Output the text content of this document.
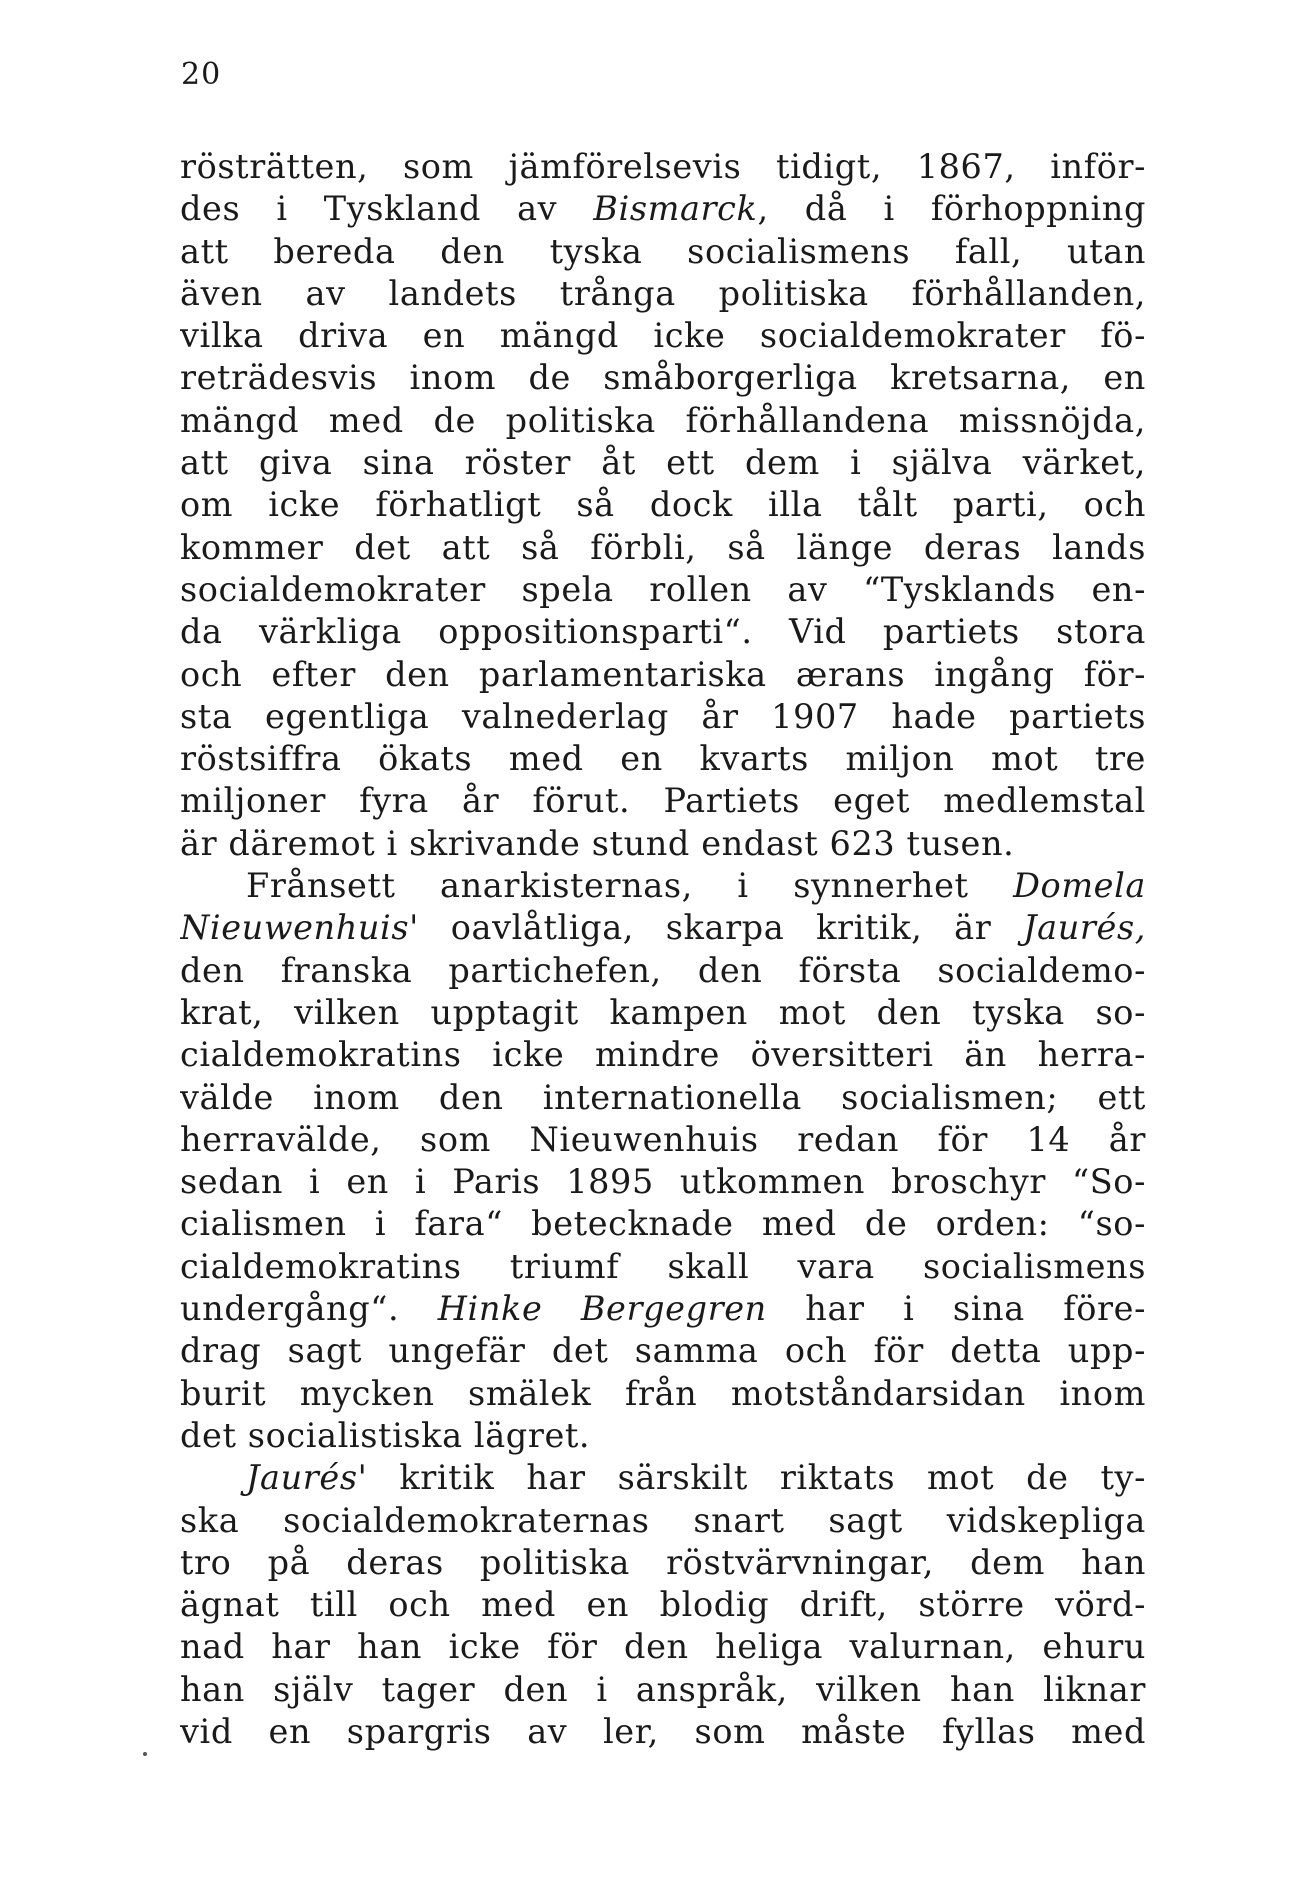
20
rösträtten, som jämförelsevis tidigt, 1867, inför-
des i Tyskland av Bismarck, då i förhoppning
att bereda den tyska socialismens fall, utan
även av landets trånga politiska förhållanden,
vilka driva en mängd icke socialdemokrater fö-
reträdesvis inom de småborgerliga kretsarna, en
mängd med de politiska förhållandena missnöjda,
att giva sina röster åt ett dem i själva värket,
om icke förhatligt så dock illa tålt parti, och
kommer det att så förbli, så länge deras lands
socialdemokrater spela rollen av “Tysklands en-
da värkliga oppositionsparti“. Vid partiets stora
och efter den parlamentariska ærans ingång för-
sta egentliga valnederlag år 1907 hade partiets
röstsiffra ökats med en kvarts miljon mot tre
miljoner fyra år förut. Partiets eget medlemstal
är däremot i skrivande stund endast 623 tusen.
Frånsett anarkisternas, i synnerhet Domela
Nieuwenhuis' oavlåtliga, skarpa kritik, är Jaurés,
den franska partichefen, den första socialdemo-
krat, vilken upptagit kampen mot den tyska so-
cialdemokratins icke mindre översitteri än herra-
välde inom den internationella socialismen; ett
herravälde, som Nieuwenhuis redan för 14 år
sedan i en i Paris 1895 utkommen broschyr “So-
cialismen i fara“ betecknade med de orden: “so-
cialdemokratins triumf skall vara socialismens
undergång“. Hinke Bergegren har i sina före-
drag sagt ungefär det samma och för detta upp-
burit mycken smälek från motståndarsidan inom
det socialistiska lägret.
Jaurés' kritik har särskilt riktats mot de ty-
ska socialdemokraternas snart sagt vidskepliga
tro på deras politiska röstvärvningar, dem han
ägnat till och med en blodig drift, större vörd-
nad har han icke för den heliga valurnan, ehuru
han själv tager den i anspråk, vilken han liknar
vid en spargris av ler, som måste fyllas med
